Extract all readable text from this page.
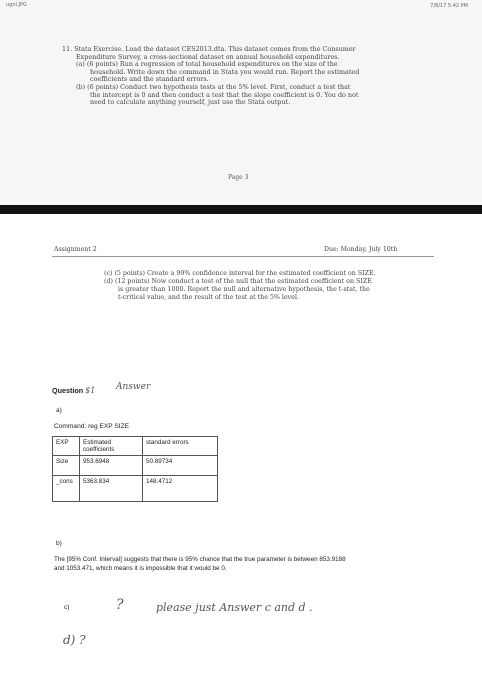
ugnl.JPG	7/8/17 5:42 PM
11. Stata Exercise. Load the dataset CES2013.dta. This dataset comes from the Consumer
Expenditure Survey, a cross-sectional dataset on annual household expenditures.
(a) (6 points) Run a regression of total household expenditures on the size of the
household. Write down the command in Stata you would run. Report the estimated
coefficients and the standard errors.
(b) (6 points) Conduct two hypothesis tests at the 5% level. First, conduct a test that
the intercept is 0 and then conduct a test that the slope coefficient is 0. You do not
need to calculate anything yourself, just use the Stata output.
Page 3
Assignment 2	Due: Monday, July 10th
(c) (5 points) Create a 99% confidence interval for the estimated coefficient on SIZE.
(d) (12 points) Now conduct a test of the null that the estimated coefficient on SIZE
is greater than 1000. Report the null and alternative hypothesis, the t-stat, the
t-critical value, and the result of the test at the 5% level.
Question $1 Answer
a)
Command: reg EXP SIZE
EXP	Estimated coefficients	standard errors
Size	953.6948	50.89734
_cons	5363.834	148.4712
b)
The [95% Conf. Interval] suggests that there is 95% chance that the true parameter is between 853.9188
and 1053.471, which means it is impossible that it would be 0.
c)	?	please just Answer c and d .
d) ?
